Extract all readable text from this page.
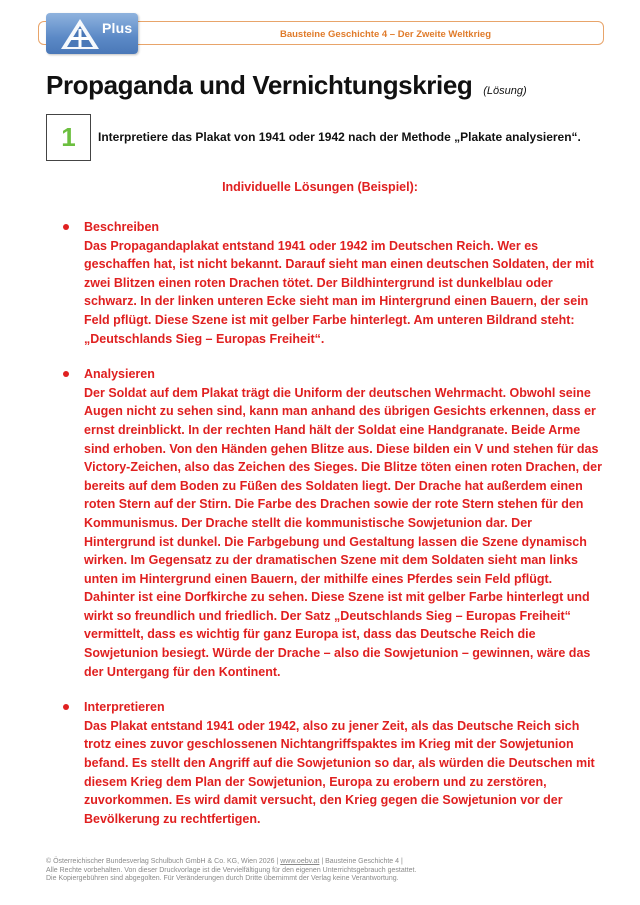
Bausteine Geschichte 4 – Der Zweite Weltkrieg
Plus
Propaganda und Vernichtungskrieg (Lösung)
1 Interpretiere das Plakat von 1941 oder 1942 nach der Methode „Plakate analysieren“.
Individuelle Lösungen (Beispiel):
Beschreiben
Das Propagandaplakat entstand 1941 oder 1942 im Deutschen Reich. Wer es geschaffen hat, ist nicht bekannt. Darauf sieht man einen deutschen Soldaten, der mit zwei Blitzen einen roten Drachen tötet. Der Bildhintergrund ist dunkelblau oder schwarz. In der linken unteren Ecke sieht man im Hintergrund einen Bauern, der sein Feld pflügt. Diese Szene ist mit gelber Farbe hinterlegt. Am unteren Bildrand steht: „Deutschlands Sieg – Europas Freiheit“.
Analysieren
Der Soldat auf dem Plakat trägt die Uniform der deutschen Wehrmacht. Obwohl seine Augen nicht zu sehen sind, kann man anhand des übrigen Gesichts erkennen, dass er ernst dreinblickt. In der rechten Hand hält der Soldat eine Handgranate. Beide Arme sind erhoben. Von den Händen gehen Blitze aus. Diese bilden ein V und stehen für das Victory-Zeichen, also das Zeichen des Sieges. Die Blitze töten einen roten Drachen, der bereits auf dem Boden zu Füßen des Soldaten liegt. Der Drache hat außerdem einen roten Stern auf der Stirn. Die Farbe des Drachen sowie der rote Stern stehen für den Kommunismus. Der Drache stellt die kommunistische Sowjetunion dar. Der Hintergrund ist dunkel. Die Farbgebung und Gestaltung lassen die Szene dynamisch wirken. Im Gegensatz zu der dramatischen Szene mit dem Soldaten sieht man links unten im Hintergrund einen Bauern, der mithilfe eines Pferdes sein Feld pflügt. Dahinter ist eine Dorfkirche zu sehen. Diese Szene ist mit gelber Farbe hinterlegt und wirkt so freundlich und friedlich. Der Satz „Deutschlands Sieg – Europas Freiheit“ vermittelt, dass es wichtig für ganz Europa ist, dass das Deutsche Reich die Sowjetunion besiegt. Würde der Drache – also die Sowjetunion – gewinnen, wäre das der Untergang für den Kontinent.
Interpretieren
Das Plakat entstand 1941 oder 1942, also zu jener Zeit, als das Deutsche Reich sich trotz eines zuvor geschlossenen Nichtangriffspaktes im Krieg mit der Sowjetunion befand. Es stellt den Angriff auf die Sowjetunion so dar, als würden die Deutschen mit diesem Krieg dem Plan der Sowjetunion, Europa zu erobern und zu zerstören, zuvorkommen. Es wird damit versucht, den Krieg gegen die Sowjetunion vor der Bevölkerung zu rechtfertigen.
© Österreichischer Bundesverlag Schulbuch GmbH & Co. KG, Wien 2026 | www.oebv.at | Bausteine Geschichte 4 |
Alle Rechte vorbehalten. Von dieser Druckvorlage ist die Vervielfältigung für den eigenen Unterrichtsgebrauch gestattet.
Die Kopiergebühren sind abgegolten. Für Veränderungen durch Dritte übernimmt der Verlag keine Verantwortung.
